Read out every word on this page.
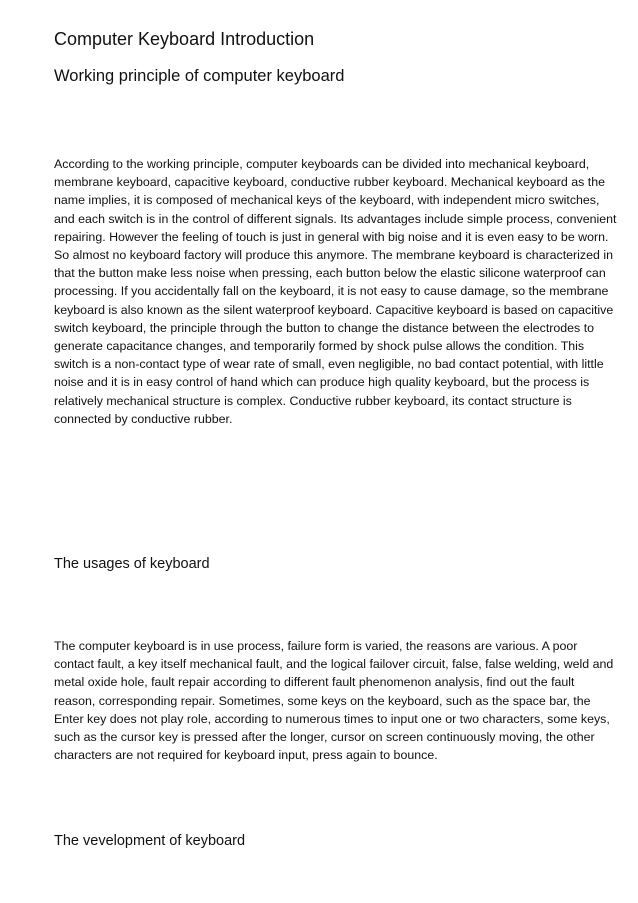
Computer Keyboard Introduction
Working principle of computer keyboard

According to the working principle, computer keyboards can be divided into mechanical keyboard, membrane keyboard, capacitive keyboard, conductive rubber keyboard. Mechanical keyboard as the name implies, it is composed of mechanical keys of the keyboard, with independent micro switches, and each switch is in the control of different signals. Its advantages include simple process, convenient repairing. However the feeling of touch is just in general with big noise and it is even easy to be worn. So almost no keyboard factory will produce this anymore. The membrane keyboard is characterized in that the button make less noise when pressing, each button below the elastic silicone waterproof can processing. If you accidentally fall on the keyboard, it is not easy to cause damage, so the membrane keyboard is also known as the silent waterproof keyboard. Capacitive keyboard is based on capacitive switch keyboard, the principle through the button to change the distance between the electrodes to generate capacitance changes, and temporarily formed by shock pulse allows the condition. This switch is a non-contact type of wear rate of small, even negligible, no bad contact potential, with little noise and it is in easy control of hand which can produce high quality keyboard, but the process is relatively mechanical structure is complex. Conductive rubber keyboard, its contact structure is connected by conductive rubber.

The usages of keyboard

The computer keyboard is in use process, failure form is varied, the reasons are various. A poor contact fault, a key itself mechanical fault, and the logical failover circuit, false, false welding, weld and metal oxide hole, fault repair according to different fault phenomenon analysis, find out the fault reason, corresponding repair. Sometimes, some keys on the keyboard, such as the space bar, the Enter key does not play role, according to numerous times to input one or two characters, some keys, such as the cursor key is pressed after the longer, cursor on screen continuously moving, the other characters are not required for keyboard input, press again to bounce.

The vevelopment of keyboard
